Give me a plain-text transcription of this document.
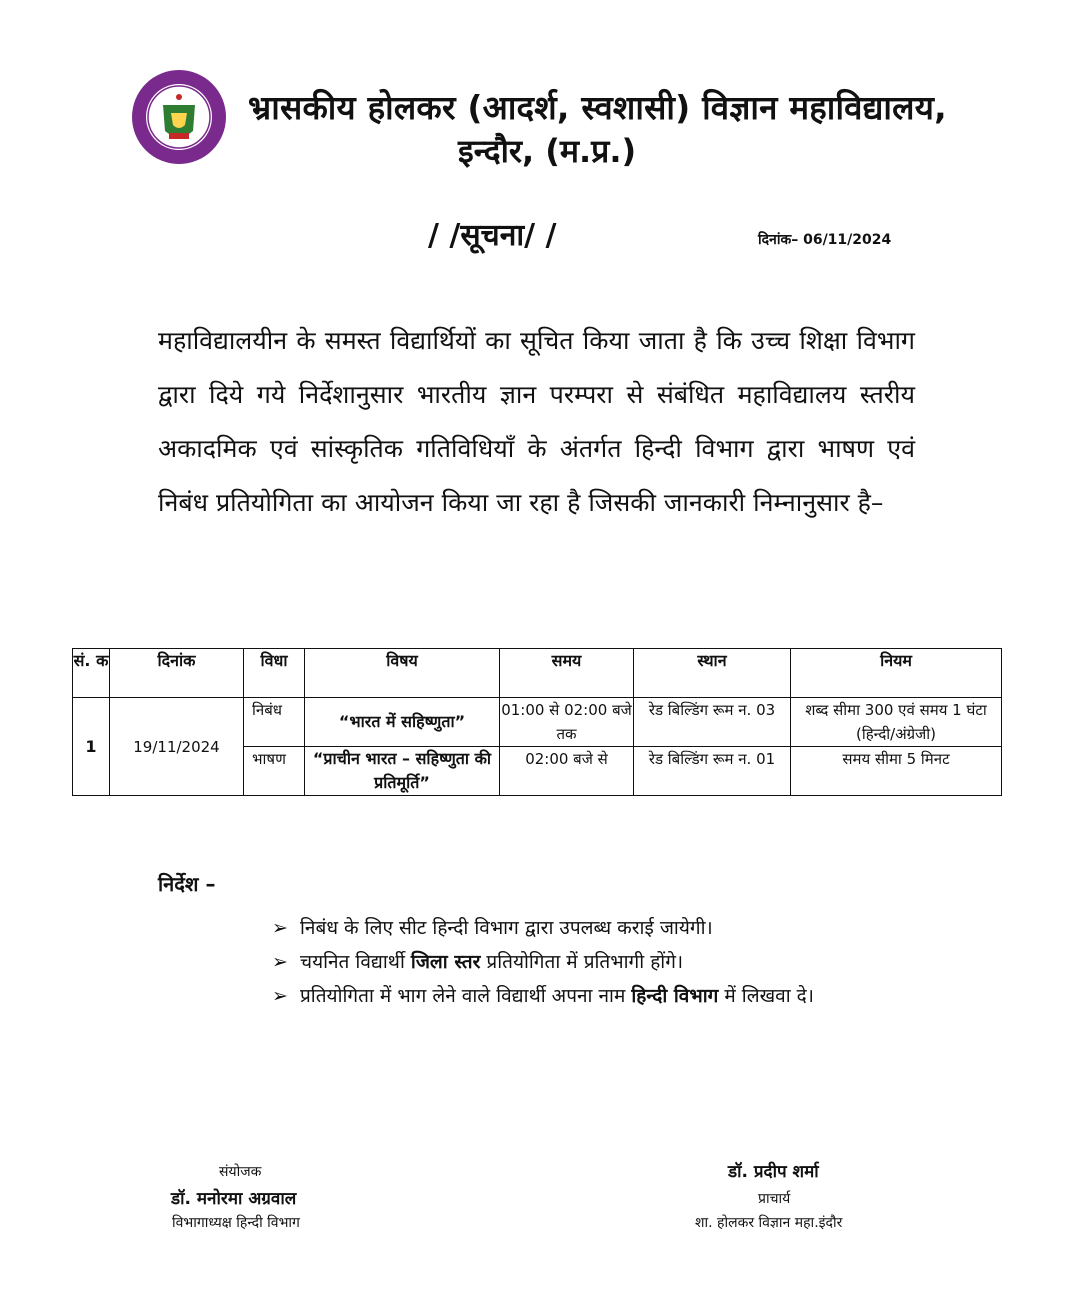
भ्रासकीय होलकर (आदर्श, स्वशासी) विज्ञान महाविद्यालय,
इन्दौर, (म.प्र.)
/ /सूचना/ /	दिनांक– 06/11/2024
महाविद्यालयीन के समस्त विद्यार्थियों का सूचित किया जाता है कि उच्च शिक्षा विभाग द्वारा दिये गये निर्देशानुसार भारतीय ज्ञान परम्परा से संबंधित महाविद्यालय स्तरीय अकादमिक एवं सांस्कृतिक गतिविधियाँ के अंतर्गत हिन्दी विभाग द्वारा भाषण एवं निबंध प्रतियोगिता का आयोजन किया जा रहा है जिसकी जानकारी निम्नानुसार है–
सं. क	दिनांक	विधा	विषय	समय	स्थान	नियम
1	19/11/2024	निबंध	“भारत में सहिष्णुता”	01:00 से 02:00 बजे तक	रेड बिल्डिंग रूम न. 03	शब्द सीमा 300 एवं समय 1 घंटा (हिन्दी/अंग्रेजी)
		भाषण	“प्राचीन भारत – सहिष्णुता की प्रतिमूर्ति”	02:00 बजे से	रेड बिल्डिंग रूम न. 01	समय सीमा 5 मिनट
निर्देश –
➢ निबंध के लिए सीट हिन्दी विभाग द्वारा उपलब्ध कराई जायेगी।
➢ चयनित विद्यार्थी जिला स्तर प्रतियोगिता में प्रतिभागी होंगे।
➢ प्रतियोगिता में भाग लेने वाले विद्यार्थी अपना नाम हिन्दी विभाग में लिखवा दे।
संयोजक
डॉ. मनोरमा अग्रवाल
विभागाध्यक्ष हिन्दी विभाग
डॉ. प्रदीप शर्मा
प्राचार्य
शा. होलकर विज्ञान महा.इंदौर
